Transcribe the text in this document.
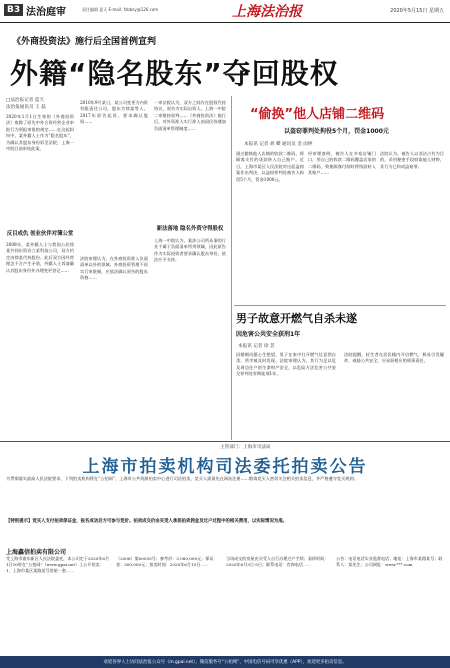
B3 法治庭审	责任编辑 夏天 E-mail: fzbbsy@126.com	上海法治报	2020年5月15日 星期五
《外商投资法》施行后全国首例宣判
外籍“隐名股东”夺回股权
□法治报记者 夏天
法治报通讯员 王 磊
2020年1月1日生效的《外商投资法》废除了原先中外合资经营企业审批行为须报审批的规定……在这起纠纷中，某外籍人士作为“隐名股东”，为确认其股东身份诉至法院，上海一中院日前审结此案。
反目成仇 创业伙伴对簿公堂
2008年，某外籍人士与我国公民徐某共同出资设立某科技公司，双方约定由徐某代持股份。此后双方因经营理念不合产生矛盾，外籍人士诉请确认其股东身份并办理变更登记……
2010年9月某日，某公司变更为内资有限责任公司，股东为徐某等人。2017年原告起诉，要求确认股权……
法院审理认为，在外商投资准入负面清单以外的领域，外商投资管理不再实行审批制，应依法确认原告的股东资格……
一审法院认为，双方之间存在股权代持协议，原告为实际出资人。上海一中院二审维持原判……《外商投资法》施行后，对外资准入实行准入前国民待遇加负面清单管理制度……
新法落地 隐名外资守得股权
上海一中院认为，案涉公司所从事的行业不属于负面清单所列领域，因此原告作为实际投资者要求确认股东身份，依法应予支持。
“偷换”他人店铺二维码
以盗窃罪判处拘役5个月，罚金1000元
本报讯 记者 胡 蝶 通讯员 金 雨婷
通过偷换他人店铺的收款二维码，将顾客支付的货款转入自己账户。近日，上海市某区人民法院对这起盗窃案作出判决，以盗窃罪判处被告人拘役5个月，罚金1000元。
经审理查明，被告人在多家店铺门口，用自己的收款二维码覆盖店家的二维码，致使顾客付款时将钱款转入其账户……
法院认为，被告人以非法占有为目的，采用秘密手段窃取他人财物，其行为已构成盗窃罪。
男子故意开燃气自杀未遂
因危害公共安全获刑1年
本报讯 记者 徐 荟
因婚姻问题心生绝望，男子在家中打开燃气灶意图自杀，所幸被及时发现。法院审理认为，其行为足以危及周边住户的生命财产安全，以危险方法危害公共安全罪判处有期徒刑1年。
法院提醒，轻生者在居民楼内开启燃气，极易引发爆炸，威胁公共安全，应承担相应的刑事责任。
主管部门：上海市司法局
上海市拍卖机构司法委托拍卖公告
为贯彻落实最高人民法院要求，下列拍卖机构将在“公拍网”、上海市公共资源拍卖中心进行司法拍卖，竞买人需预先在网站注册……敬请竞买人密切关注相关拍卖信息，并严格遵守竞买规则。
【特别提示】竞买人支付拍卖保证金，报名成功后方可参与竞价。拍卖成交价由买受人承担拍卖佣金及过户过程中的相关费用，以实际情况为准。
上海鑫信拍卖有限公司
受上海市浦东新区人民法院委托，本公司定于2020年6月1日10时在“公拍网”（www.gpai.net）上公开拍卖：1、上海市某区某路某号房屋一套……
（2008）第00035号；参考价：3,080,000元；保证金：300,000元；拍卖时间：2020年6月10日……
当场成交的房屋由买受人自行办理过户手续；看样时间：2020年6月3日-5日；联系电话：咨询电话……
公告：电话电话实业监督电话；地址：上海市某路某号；联系人：某先生；公司网址：www.***.com
欢迎各界人士访问法治报公众号（m.gpai.net），微信服务号“公拍网”、中国电信号码可享优惠（APP），欢迎更多拍卖信息。
